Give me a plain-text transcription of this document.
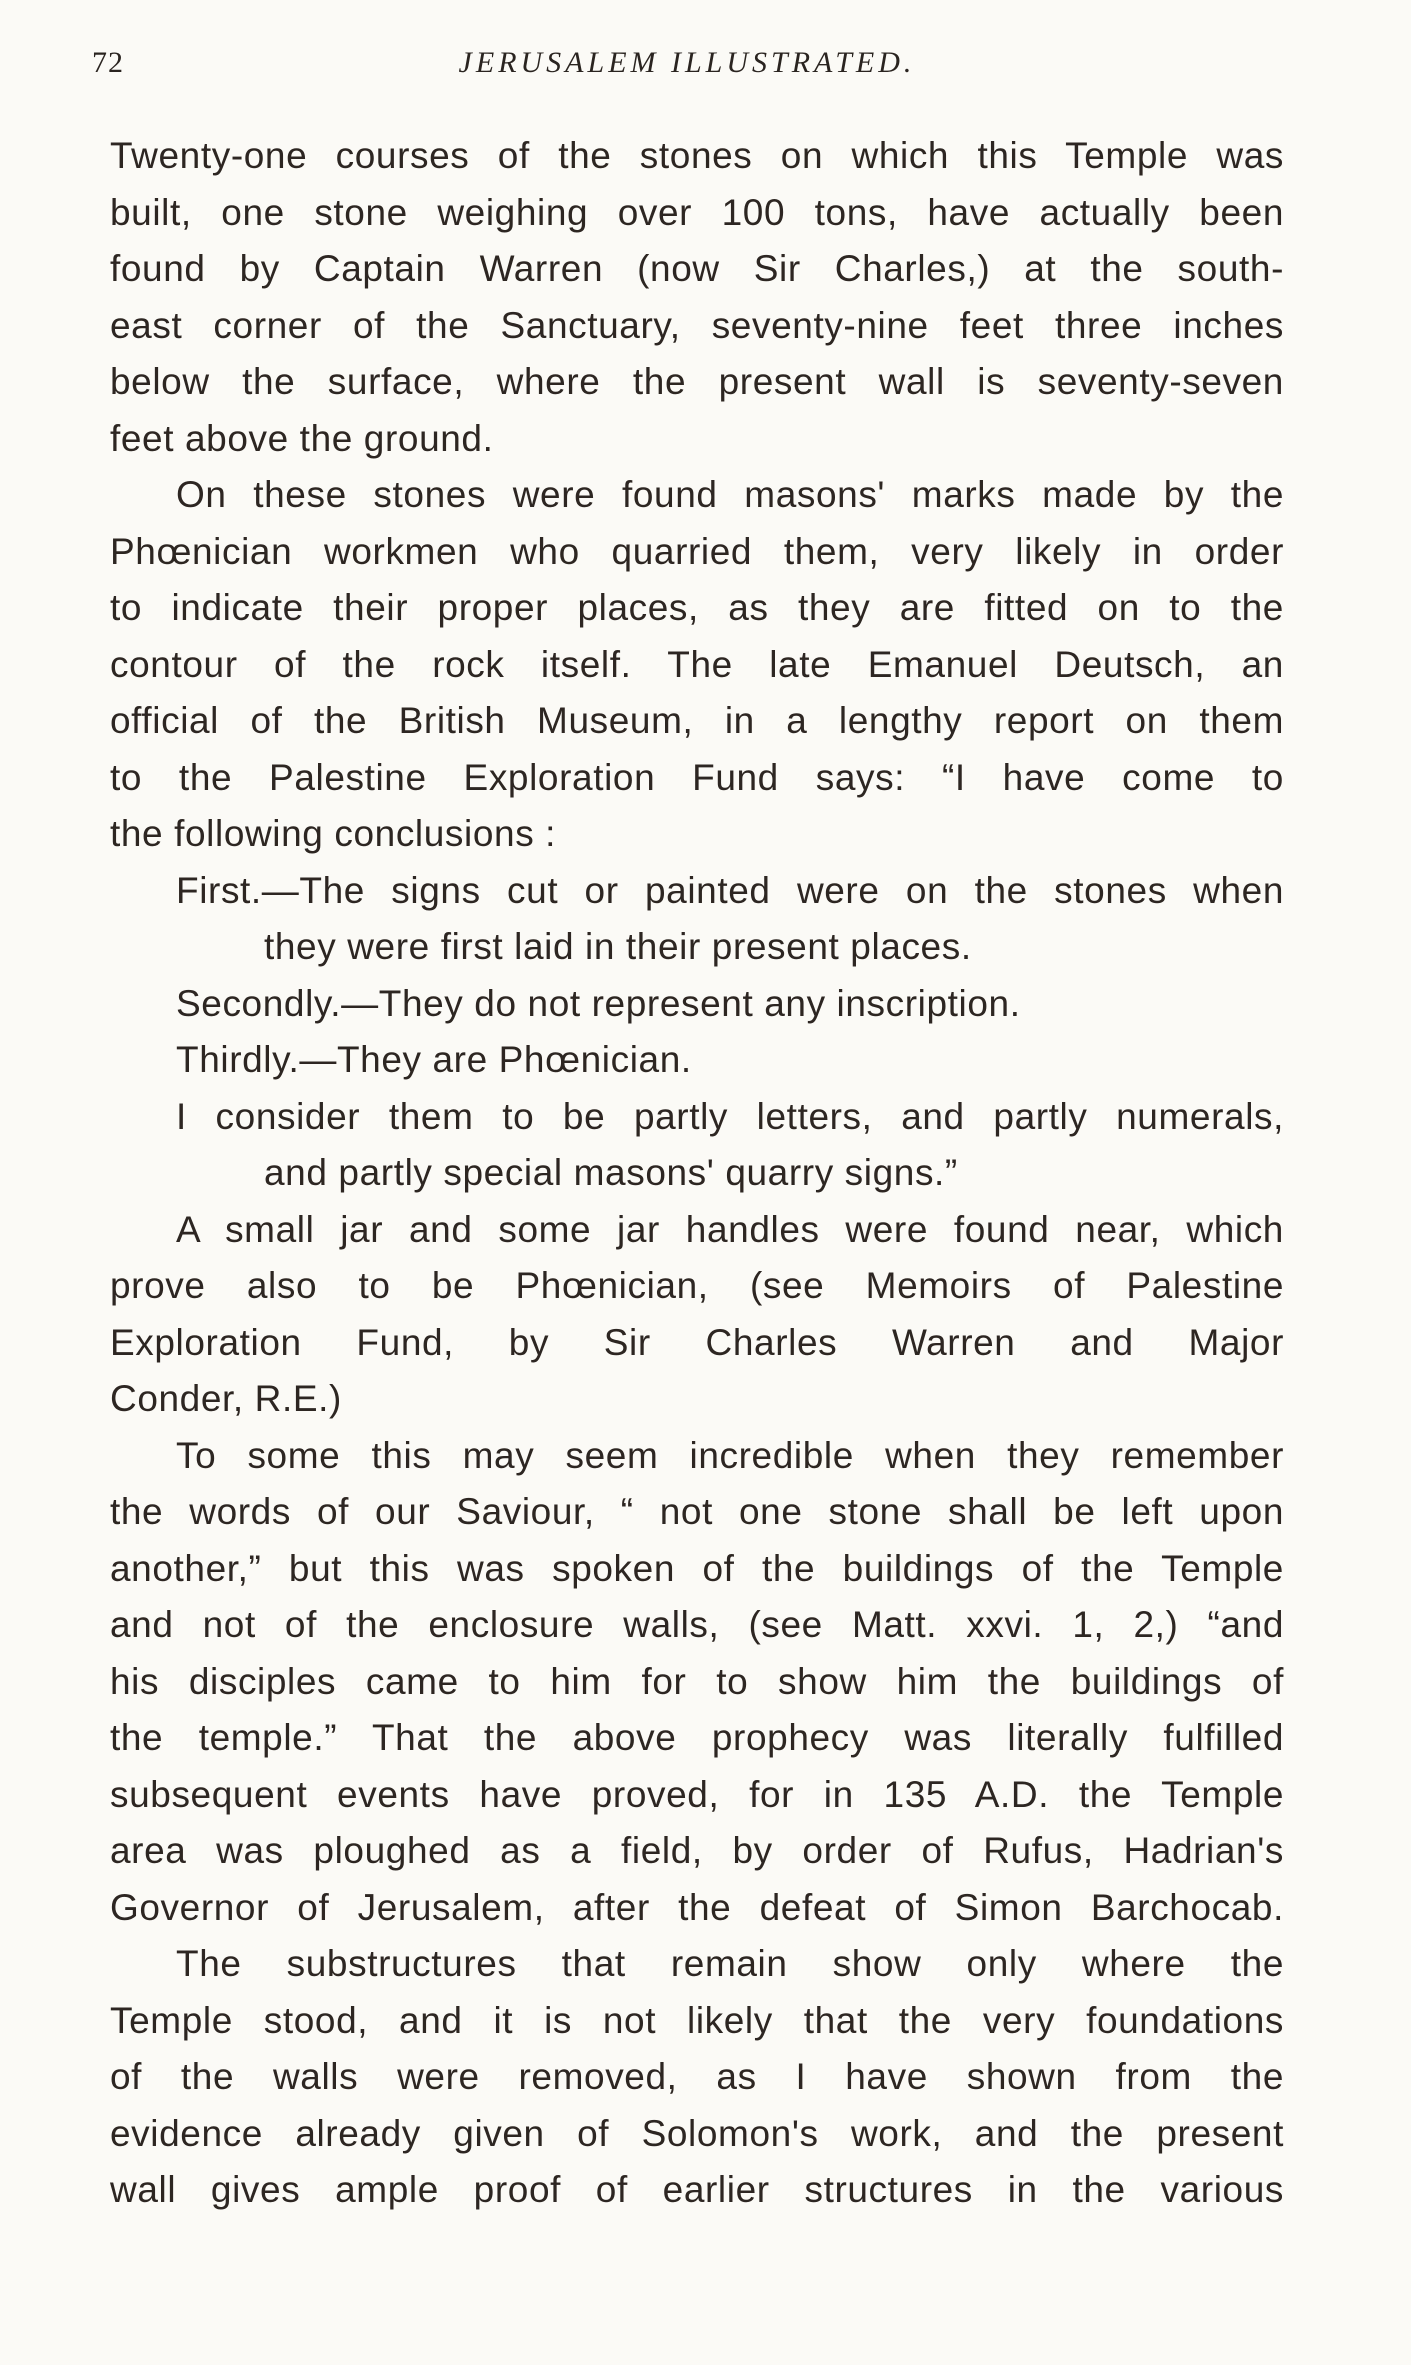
72	JERUSALEM ILLUSTRATED.
Twenty-one courses of the stones on which this Temple was
built, one stone weighing over 100 tons, have actually been
found by Captain Warren (now Sir Charles,) at the south-
east corner of the Sanctuary, seventy-nine feet three inches
below the surface, where the present wall is seventy-seven
feet above the ground.
On these stones were found masons' marks made by the
Phœnician workmen who quarried them, very likely in order
to indicate their proper places, as they are fitted on to the
contour of the rock itself. The late Emanuel Deutsch, an
official of the British Museum, in a lengthy report on them
to the Palestine Exploration Fund says: “I have come to
the following conclusions :
First.—The signs cut or painted were on the stones when
they were first laid in their present places.
Secondly.—They do not represent any inscription.
Thirdly.—They are Phœnician.
I consider them to be partly letters, and partly numerals,
and partly special masons' quarry signs.”
A small jar and some jar handles were found near, which
prove also to be Phœnician, (see Memoirs of Palestine
Exploration Fund, by Sir Charles Warren and Major
Conder, R.E.)
To some this may seem incredible when they remember
the words of our Saviour, “ not one stone shall be left upon
another,” but this was spoken of the buildings of the Temple
and not of the enclosure walls, (see Matt. xxvi. 1, 2,) “and
his disciples came to him for to show him the buildings of
the temple.” That the above prophecy was literally fulfilled
subsequent events have proved, for in 135 A.D. the Temple
area was ploughed as a field, by order of Rufus, Hadrian's
Governor of Jerusalem, after the defeat of Simon Barchocab.
The substructures that remain show only where the
Temple stood, and it is not likely that the very foundations
of the walls were removed, as I have shown from the
evidence already given of Solomon's work, and the present
wall gives ample proof of earlier structures in the various
